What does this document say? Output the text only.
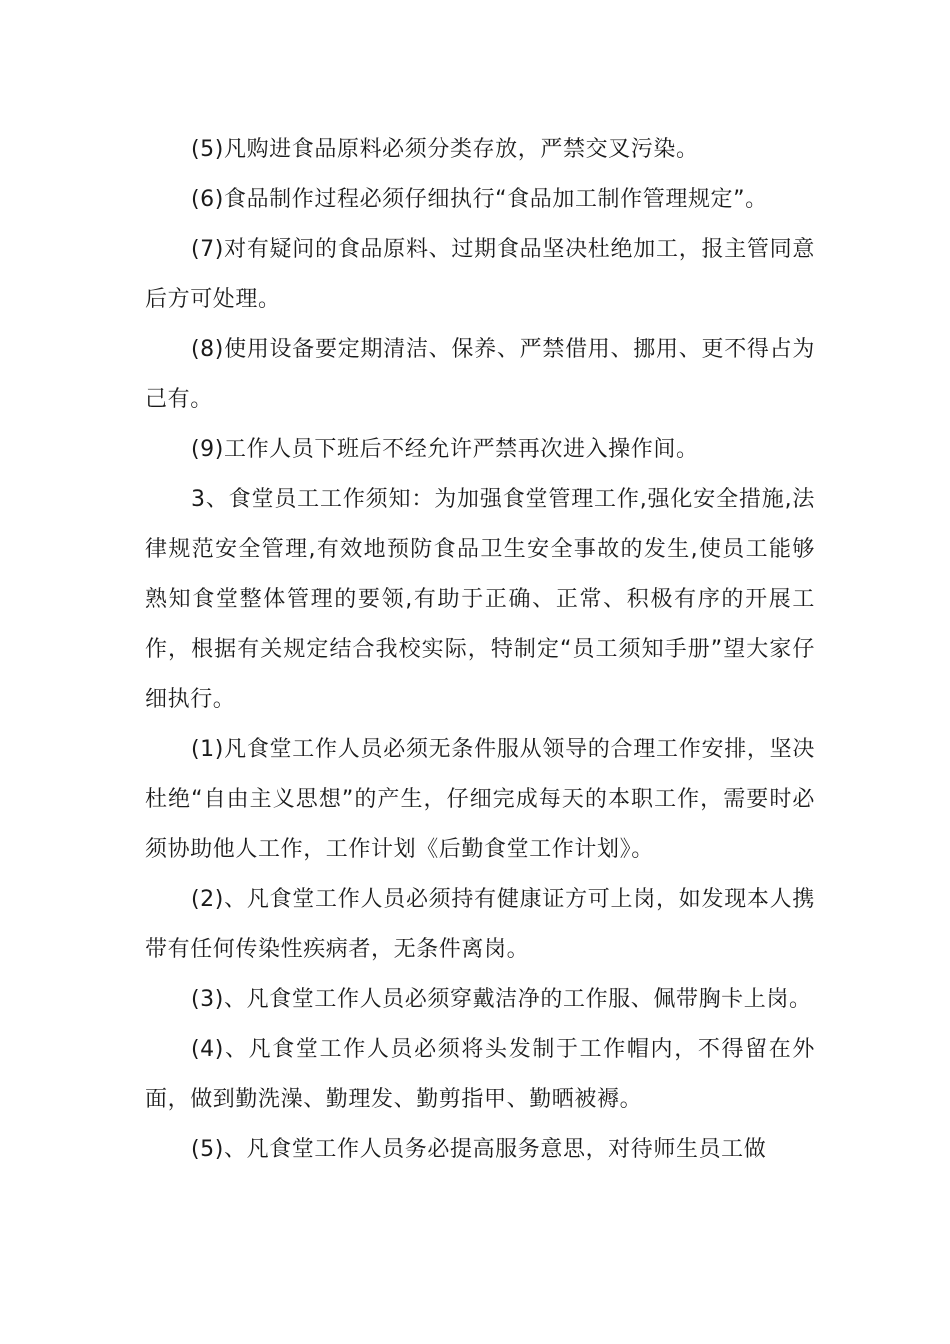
(5)凡购进食品原料必须分类存放，严禁交叉污染。

(6)食品制作过程必须仔细执行“食品加工制作管理规定”。

(7)对有疑问的食品原料、过期食品坚决杜绝加工，报主管同意后方可处理。

(8)使用设备要定期清洁、保养、严禁借用、挪用、更不得占为己有。

(9)工作人员下班后不经允许严禁再次进入操作间。

3、食堂员工工作须知：为加强食堂管理工作,强化安全措施,法律规范安全管理,有效地预防食品卫生安全事故的发生,使员工能够熟知食堂整体管理的要领,有助于正确、正常、积极有序的开展工作，根据有关规定结合我校实际，特制定“员工须知手册”望大家仔细执行。

(1)凡食堂工作人员必须无条件服从领导的合理工作安排，坚决杜绝“自由主义思想”的产生，仔细完成每天的本职工作，需要时必须协助他人工作，工作计划《后勤食堂工作计划》。

(2)、凡食堂工作人员必须持有健康证方可上岗，如发现本人携带有任何传染性疾病者，无条件离岗。

(3)、凡食堂工作人员必须穿戴洁净的工作服、佩带胸卡上岗。

(4)、凡食堂工作人员必须将头发制于工作帽内，不得留在外面，做到勤洗澡、勤理发、勤剪指甲、勤晒被褥。

(5)、凡食堂工作人员务必提高服务意思，对待师生员工做
